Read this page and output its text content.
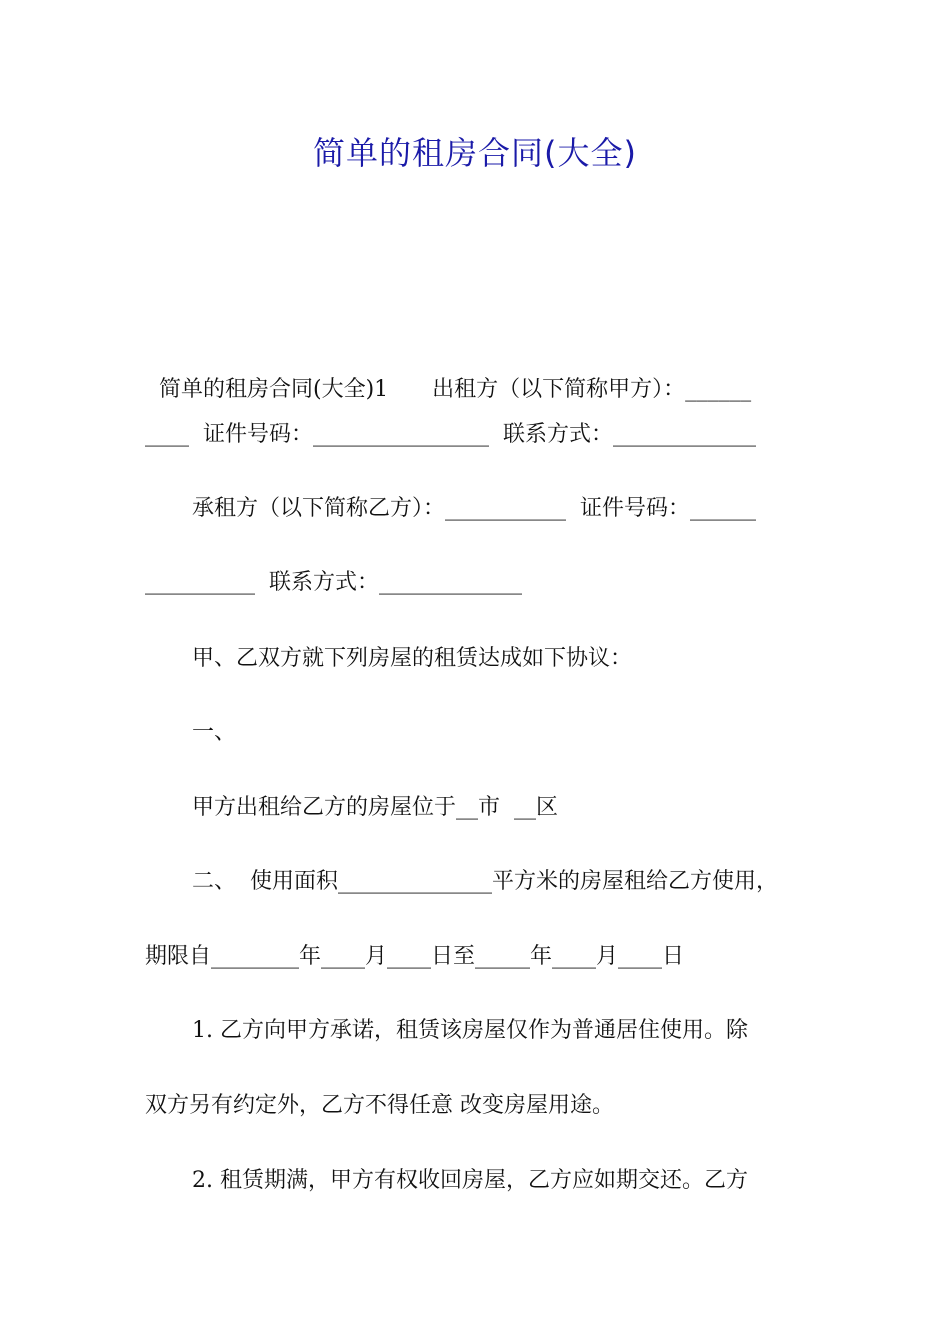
简单的租房合同(大全)

简单的租房合同(大全)1 出租方（以下简称甲方）：______

____  证件号码：________________  联系方式：_____________
承租方（以下简称乙方）：___________  证件号码：______
__________  联系方式：_____________
甲、乙双方就下列房屋的租赁达成如下协议：
一、
甲方出租给乙方的房屋位于__市  __区
二、  使用面积______________平方米的房屋租给乙方使用，
期限自________年____月____日至_____年____月____日
1. 乙方向甲方承诺，租赁该房屋仅作为普通居住使用。除
双方另有约定外，乙方不得任意 改变房屋用途。
2. 租赁期满，甲方有权收回房屋，乙方应如期交还。乙方
